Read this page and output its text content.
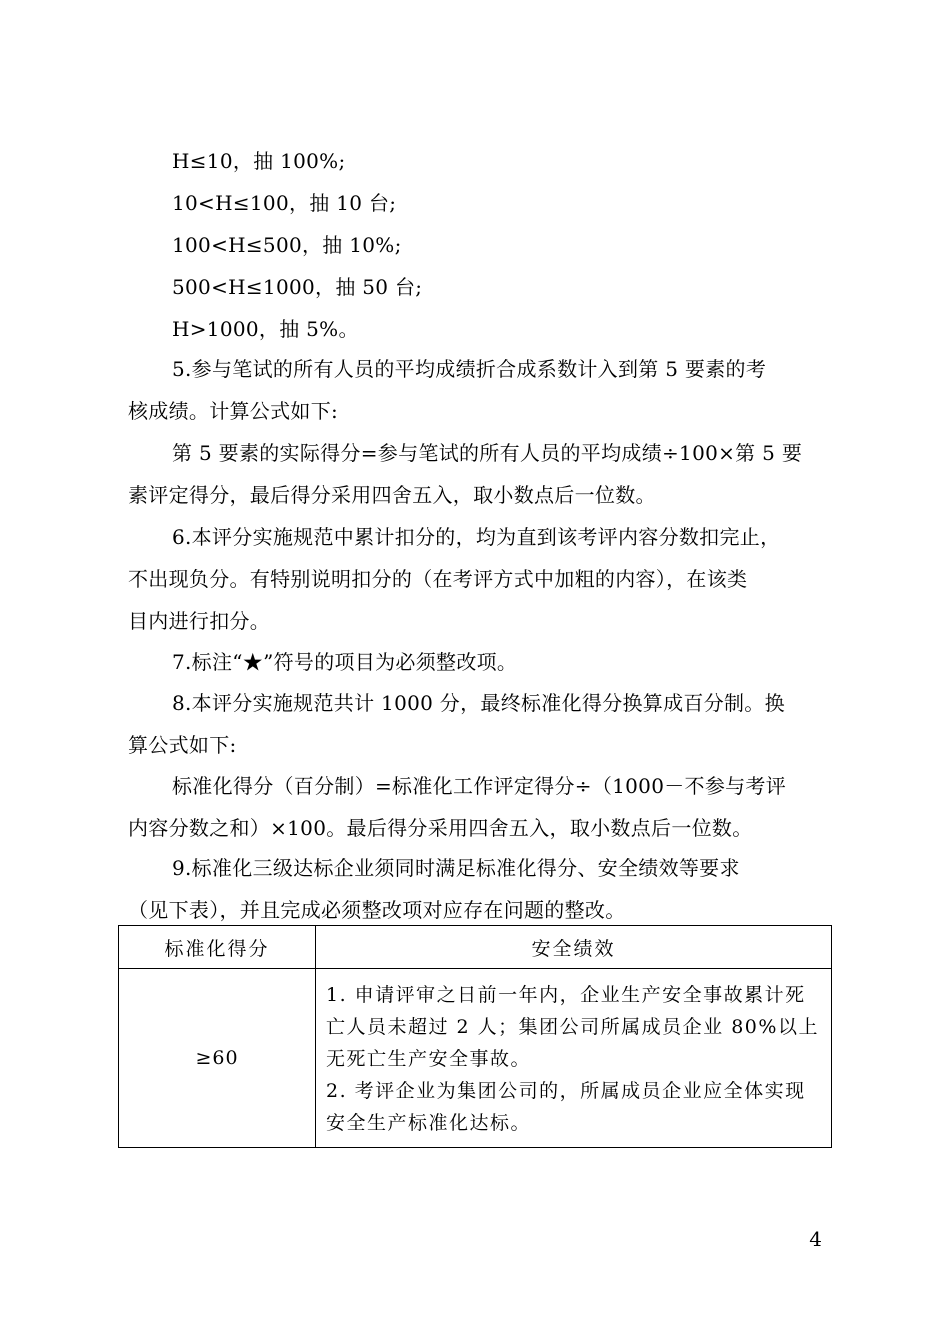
H≤10，抽 100%;
10<H≤100，抽 10 台;
100<H≤500，抽 10%;
500<H≤1000，抽 50 台;
H>1000，抽 5%。
5.参与笔试的所有人员的平均成绩折合成系数计入到第 5 要素的考
核成绩。计算公式如下:
第 5 要素的实际得分=参与笔试的所有人员的平均成绩÷100×第 5 要
素评定得分，最后得分采用四舍五入，取小数点后一位数。
6.本评分实施规范中累计扣分的，均为直到该考评内容分数扣完止，
不出现负分。有特别说明扣分的（在考评方式中加粗的内容），在该类
目内进行扣分。
7.标注“★”符号的项目为必须整改项。
8.本评分实施规范共计 1000 分，最终标准化得分换算成百分制。换
算公式如下:
标准化得分（百分制）=标准化工作评定得分÷（1000－不参与考评
内容分数之和）×100。最后得分采用四舍五入，取小数点后一位数。
9.标准化三级达标企业须同时满足标准化得分、安全绩效等要求
（见下表），并且完成必须整改项对应存在问题的整改。
标准化得分	安全绩效
≥60	1. 申请评审之日前一年内，企业生产安全事故累计死亡人员未超过 2 人；集团公司所属成员企业 80%以上无死亡生产安全事故。
2. 考评企业为集团公司的，所属成员企业应全体实现安全生产标准化达标。
4
